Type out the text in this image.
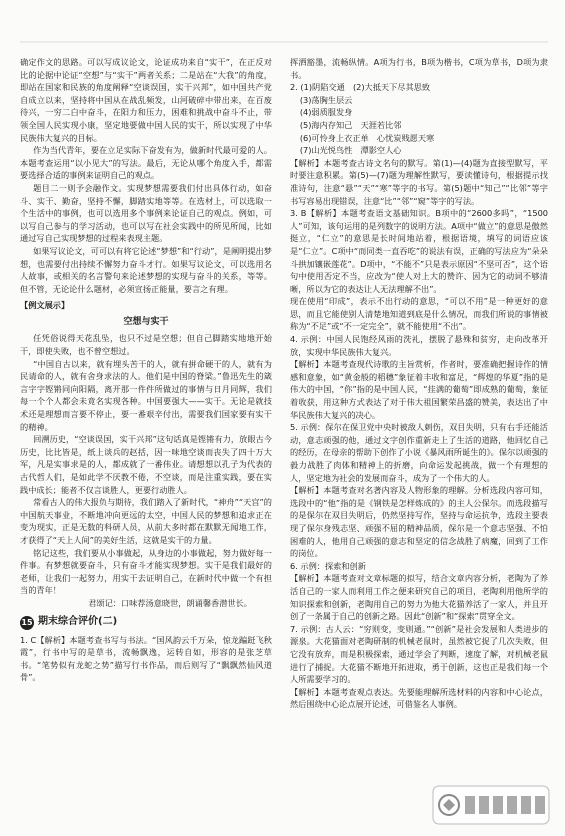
确定作文的思路。可以写成议论文，论证成功来自“实干”，在正反对比的论据中论证“空想”与“实干”两者关系；二是站在“大我”的角度，即站在国家和民族的角度阐释“空谈误国，实干兴邦”，如中国共产党自成立以来，坚持将中国从在战乱频发，山河破碎中带出来，在百废待兴，一穷二白中奋斗，在阳力和压力，困难和挑战中奋斗不止，带领全国人民实现小康，坚定地要做中国人民的实干，所以实现了中华民族伟大复兴的目标。

作为当代青年，要在立足实际下奋发有为，做新时代最可爱的人。本题考查运用“以小见大”的写法。最后，无论从哪个角度入手，都需要选择合适的事例来证明自己的观点。

题目二一则予会融作文。实现梦想需要我们付出具体行动，如奋斗、实干、勤奋，坚持不懈，脚踏实地等等。在选材上，可以选取一个生活中的事例，也可以选用多个事例来论证自己的观点。例如，可以写自己参与的学习活动，也可以写在社会实践中的所见所闻，比如通过写自己实现梦想的过程来表现主题。

如果写议论文，可可以有将它论述“梦想”和“行动”，是阐明提出梦想，也需要付出持续不懈努力奋斗才行。如果写议论文，可以选用名人故事，或相关的名言警句来论述梦想的实现与奋斗的关系，等等。但不管，无论论什么题材，必须宣扬正能量，要言之有理。

【例文展示】

空想与实干

任凭俗说得天花乱坠，也只不过是空想；但自己脚踏实地地开始干，即使失败，也不曾空想过。

“中国自古以来，就有埋头苦干的人，就有拼命硬干的人，就有为民请命的人，就有舍身求法的人。他们是中国的脊梁。”鲁迅先生的箴言字字铿锵同向阳隔，离开那一件件所做过的事情与日月同辉，我们每一个个人都会未竟名实现各种。中国要强大——实干。无论是就技术还是理想而言要不停止，要一番艰辛付出，需要我们国家要有实干的精神。

回溯历史，“空谈误国，实干兴邦”这句话真是铿锵有力，放眼古今历史，比比皆是，纸上谈兵的赵括，因一味地空谈而丧失了四十万大军，凡是实事求是的人，都成就了一番伟业。请想想以孔子为代表的古代哲人们，是如此学不厌教不倦，不空谈，而是注重实践，要在实践中成长；能者不仅言谈胜人，更要行动胜人。

常看古人的伟大报负与期待，我们踏入了新时代，“神舟”“天宫”的中国航天事业，不断地冲向更远的太空，中国人民的梦想和追求正在变为现实，正是无数的科研人员，从前大多时都在默默无闻地工作，才获得了“天上人间”的美好生活，这就是实干的力量。

铭记这些，我们要从小事做起，从身边的小事做起，努力做好每一件事。有梦想就要奋斗，只有奋斗才能实现梦想。实干是我们最好的老师，让我们一起努力，用实干去证明自己，在新时代中做一个有担当的青年！

君颂记：口味荐汤意晓世，朗诵馨香潜世长。

15 期末综合评价(二)

1. C【解析】本题考查书写与书法。“国风韵云千万朵，惊龙蹁跹飞秋霞”，行书中写的是草书，流畅飘逸，运转自如，形容的是张芝草书。“笔势似有龙蛇之势”描写行书作品，而后则写了“飘飘然仙风道骨”。

挥洒豁墨，流畅纵情。A项为行书，B项为楷书，C项为草书，D项为隶书。

2. (1)阴陷交通　(2)大抵天下尽其思致

(3)荡胸生层云

(4)弱质服发身

(5)海内存知己　天涯若比邻

(6)可怜身上衣正单　心忧炭贱愿天寒

(7)山光悦鸟性　潭影空人心

【解析】本题考查古诗文名句的默写。第(1)—(4)题为直接型默写，平时要注意积累。第(5)—(7)题为理解性默写，要读懂诗句，根据提示找准诗句，注意“悬”“天”“寒”等字的书写。第(5)题中“知己”“比邻”等字书写容易出现错误，注意“比”“邻”“窥”等字的写法。

3. B【解析】本题考查语文基础知识。B项中的“2600多吗”，“1500人”可知，该句运用的是列数字的说明方法。A项中“做立”的意思是傲然挺立，“仁立”的意思是长时间地站着，根据语境，填写的词语应该是“仁立”。C项中“而同类一直吞吃”的说法有误，正确的写法应为“朵朵斗拱加镶嵌莲花”。D项中，“不能不”只是表示原因“不坚可否”，这个语句中使用否定不当，应改为“使人对上大的赞许、因为它的动词不够清晰，所以为它的表达让人无法理解不出”。

现在使用“印成”，表示不出行动的意思，“可以不用”是一种更好的意思，而且它能使别人清楚地知道到底是什么情况，而我们所说的事情被称为“不足”或“不一定完全”，就不能使用“不出”。

4. 示例：中国人民饱经风雨的洗礼，摆脱了悬殊和贫穷，走向改革开放，实现中华民族伟大复兴。

【解析】本题考查现代诗歌的主旨赏析，作者时，要准确把握诗作的情感和意象，如“黄金般的稻穗”象征着丰收和富足，“辉煌的华夏”指的是伟大的中国，“你”指的是中国人民，“挂满的葡萄”即成熟的葡萄，象征着收获，用这种方式表达了对于伟大祖国繁荣昌盛的赞美，表达出了中华民族伟大复兴的决心。

5. 示例：保尔在保卫党中央时被敌人刺伤，双目失明，只有右手还能活动，意志顽强的他，通过文字创作重新走上了生活的道路，他回忆自己的经历，在母亲的帮助下创作了小说《暴风雨所诞生的》。保尔以顽强的毅力战胜了肉体和精神上的折磨，向命运发起挑战，做一个有理想的人，坚定地为社会的发展而奋斗，成为了一个伟大的人。

【解析】本题考查对名著内容及人物形象的理解。分析选段内容可知，选段中的“他”指的是《钢铁是怎样炼成的》的主人公保尔。而选段描写的是保尔在双目失明后，仍然坚持写作，坚持与命运抗争，选段主要表现了保尔身残志坚、顽强不屈的精神品质，保尔是一个意志坚强、不怕困难的人，他用自己顽强的意志和坚定的信念战胜了病魔，回到了工作的岗位。

6. 示例：探索和创新

【解析】本题考查对文章标题的拟写，结合文章内容分析，老陶为了养活自己的一家人而利用工作之便来研究自己的项目，老陶利用他所学的知识探索和创新，老陶用自己的努力为他大花猫养活了一家人，并且开创了一条属于自己的创新之路。因此“创新”和“探索”贯穿全文。

7. 示例：古人云：“穷则变，变则通。”“创新”是社会发展和人类进步的源泉。大花猫面对老陶研制的机械老鼠时，虽然被它捉了几次失败，但它没有放弃，而是积极探索，通过学会了判断，速度了解，对机械老鼠进行了捕捉。大花猫不断地开拓进取，勇于创新，这也正是我们每一个人所需要学习的。

【解析】本题考查观点表达。先要能理解所选材料的内容和中心论点，然后围绕中心论点展开论述，可借鉴名人事例。
